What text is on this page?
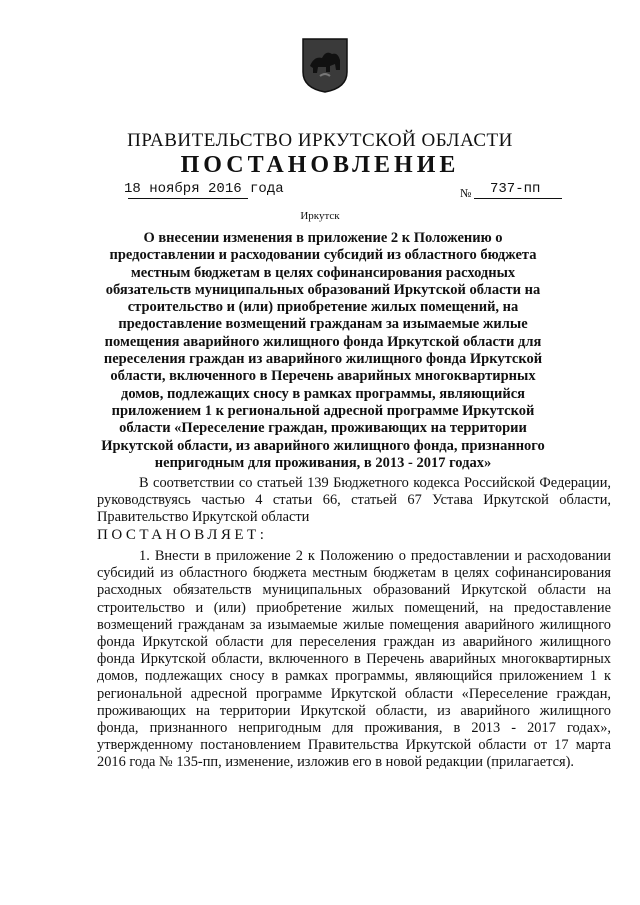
ПРАВИТЕЛЬСТВО ИРКУТСКОЙ ОБЛАСТИ
ПОСТАНОВЛЕНИЕ
18 ноября 2016 года	№ 737-пп
Иркутск
О внесении изменения в приложение 2 к Положению о предоставлении и расходовании субсидий из областного бюджета местным бюджетам в целях софинансирования расходных обязательств муниципальных образований Иркутской области на строительство и (или) приобретение жилых помещений, на предоставление возмещений гражданам за изымаемые жилые помещения аварийного жилищного фонда Иркутской области для переселения граждан из аварийного жилищного фонда Иркутской области, включенного в Перечень аварийных многоквартирных домов, подлежащих сносу в рамках программы, являющийся приложением 1 к региональной адресной программе Иркутской области «Переселение граждан, проживающих на территории Иркутской области, из аварийного жилищного фонда, признанного непригодным для проживания, в 2013 - 2017 годах»
В соответствии со статьей 139 Бюджетного кодекса Российской Федерации, руководствуясь частью 4 статьи 66, статьей 67 Устава Иркутской области, Правительство Иркутской области
ПОСТАНОВЛЯЕТ:
1. Внести в приложение 2 к Положению о предоставлении и расходовании субсидий из областного бюджета местным бюджетам в целях софинансирования расходных обязательств муниципальных образований Иркутской области на строительство и (или) приобретение жилых помещений, на предоставление возмещений гражданам за изымаемые жилые помещения аварийного жилищного фонда Иркутской области для переселения граждан из аварийного жилищного фонда Иркутской области, включенного в Перечень аварийных многоквартирных домов, подлежащих сносу в рамках программы, являющийся приложением 1 к региональной адресной программе Иркутской области «Переселение граждан, проживающих на территории Иркутской области, из аварийного жилищного фонда, признанного непригодным для проживания, в 2013 - 2017 годах», утвержденному постановлением Правительства Иркутской области от 17 марта 2016 года № 135-пп, изменение, изложив его в новой редакции (прилагается).
